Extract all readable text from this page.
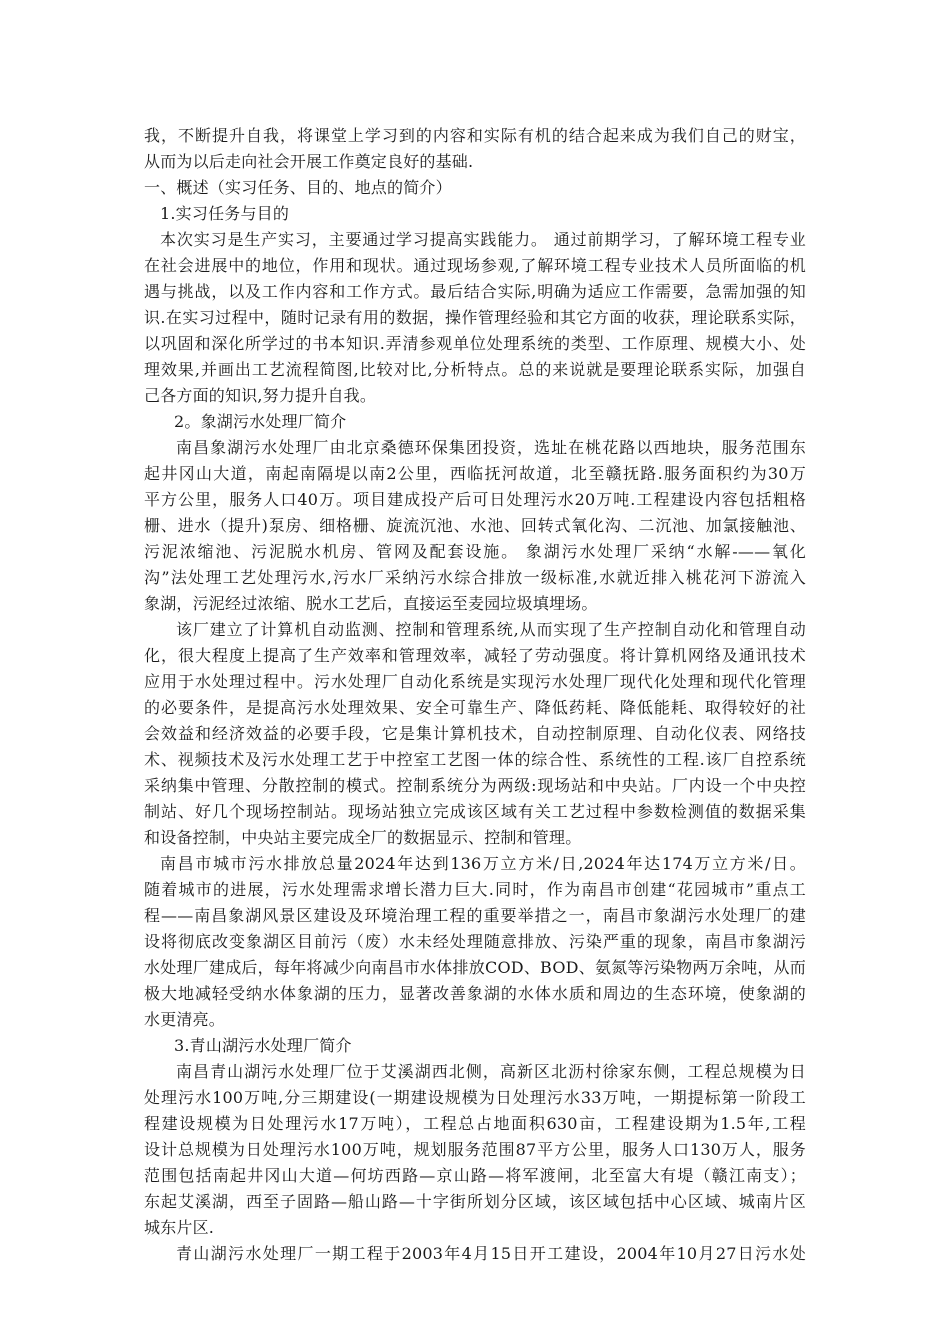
我，不断提升自我，将课堂上学习到的内容和实际有机的结合起来成为我们自己的财宝，
从而为以后走向社会开展工作奠定良好的基础.
一、概述（实习任务、目的、地点的简介）
1.实习任务与目的
本次实习是生产实习，主要通过学习提高实践能力。 通过前期学习，了解环境工程专业
在社会进展中的地位，作用和现状。通过现场参观,了解环境工程专业技术人员所面临的机
遇与挑战，以及工作内容和工作方式。最后结合实际,明确为适应工作需要，急需加强的知
识.在实习过程中，随时记录有用的数据，操作管理经验和其它方面的收获，理论联系实际，
以巩固和深化所学过的书本知识.弄清参观单位处理系统的类型、工作原理、规模大小、处
理效果,并画出工艺流程简图,比较对比,分析特点。总的来说就是要理论联系实际，加强自
己各方面的知识,努力提升自我。
2。象湖污水处理厂简介
南昌象湖污水处理厂由北京桑德环保集团投资，选址在桃花路以西地块，服务范围东
起井冈山大道，南起南隔堤以南2公里，西临抚河故道，北至赣抚路.服务面积约为30万
平方公里，服务人口40万。项目建成投产后可日处理污水20万吨.工程建设内容包括粗格
栅、进水（提升)泵房、细格栅、旋流沉池、水池、回转式氧化沟、二沉池、加氯接触池、
污泥浓缩池、污泥脱水机房、管网及配套设施。 象湖污水处理厂采纳“水解-——氧化
沟”法处理工艺处理污水,污水厂采纳污水综合排放一级标准,水就近排入桃花河下游流入
象湖，污泥经过浓缩、脱水工艺后，直接运至麦园垃圾填埋场。
该厂建立了计算机自动监测、控制和管理系统,从而实现了生产控制自动化和管理自动
化，很大程度上提高了生产效率和管理效率，减轻了劳动强度。将计算机网络及通讯技术
应用于水处理过程中。污水处理厂自动化系统是实现污水处理厂现代化处理和现代化管理
的必要条件，是提高污水处理效果、安全可靠生产、降低药耗、降低能耗、取得较好的社
会效益和经济效益的必要手段，它是集计算机技术，自动控制原理、自动化仪表、网络技
术、视频技术及污水处理工艺于中控室工艺图一体的综合性、系统性的工程.该厂自控系统
采纳集中管理、分散控制的模式。控制系统分为两级:现场站和中央站。厂内设一个中央控
制站、好几个现场控制站。现场站独立完成该区域有关工艺过程中参数检测值的数据采集
和设备控制，中央站主要完成全厂的数据显示、控制和管理。
南昌市城市污水排放总量2024年达到136万立方米/日,2024年达174万立方米/日。
随着城市的进展，污水处理需求增长潜力巨大.同时，作为南昌市创建“花园城市”重点工
程——南昌象湖风景区建设及环境治理工程的重要举措之一，南昌市象湖污水处理厂的建
设将彻底改变象湖区目前污（废）水未经处理随意排放、污染严重的现象，南昌市象湖污
水处理厂建成后，每年将减少向南昌市水体排放COD、BOD、氨氮等污染物两万余吨，从而
极大地减轻受纳水体象湖的压力，显著改善象湖的水体水质和周边的生态环境，使象湖的
水更清亮。
3.青山湖污水处理厂简介
南昌青山湖污水处理厂位于艾溪湖西北侧，高新区北沥村徐家东侧，工程总规模为日
处理污水100万吨,分三期建设(一期建设规模为日处理污水33万吨，一期提标第一阶段工
程建设规模为日处理污水17万吨），工程总占地面积630亩，工程建设期为1.5年,工程
设计总规模为日处理污水100万吨，规划服务范围87平方公里，服务人口130万人，服务
范围包括南起井冈山大道—何坊西路—京山路—将军渡闸，北至富大有堤（赣江南支）；
东起艾溪湖，西至子固路—船山路—十字街所划分区域，该区域包括中心区域、城南片区
城东片区.
青山湖污水处理厂一期工程于2003年4月15日开工建设，2004年10月27日污水处
